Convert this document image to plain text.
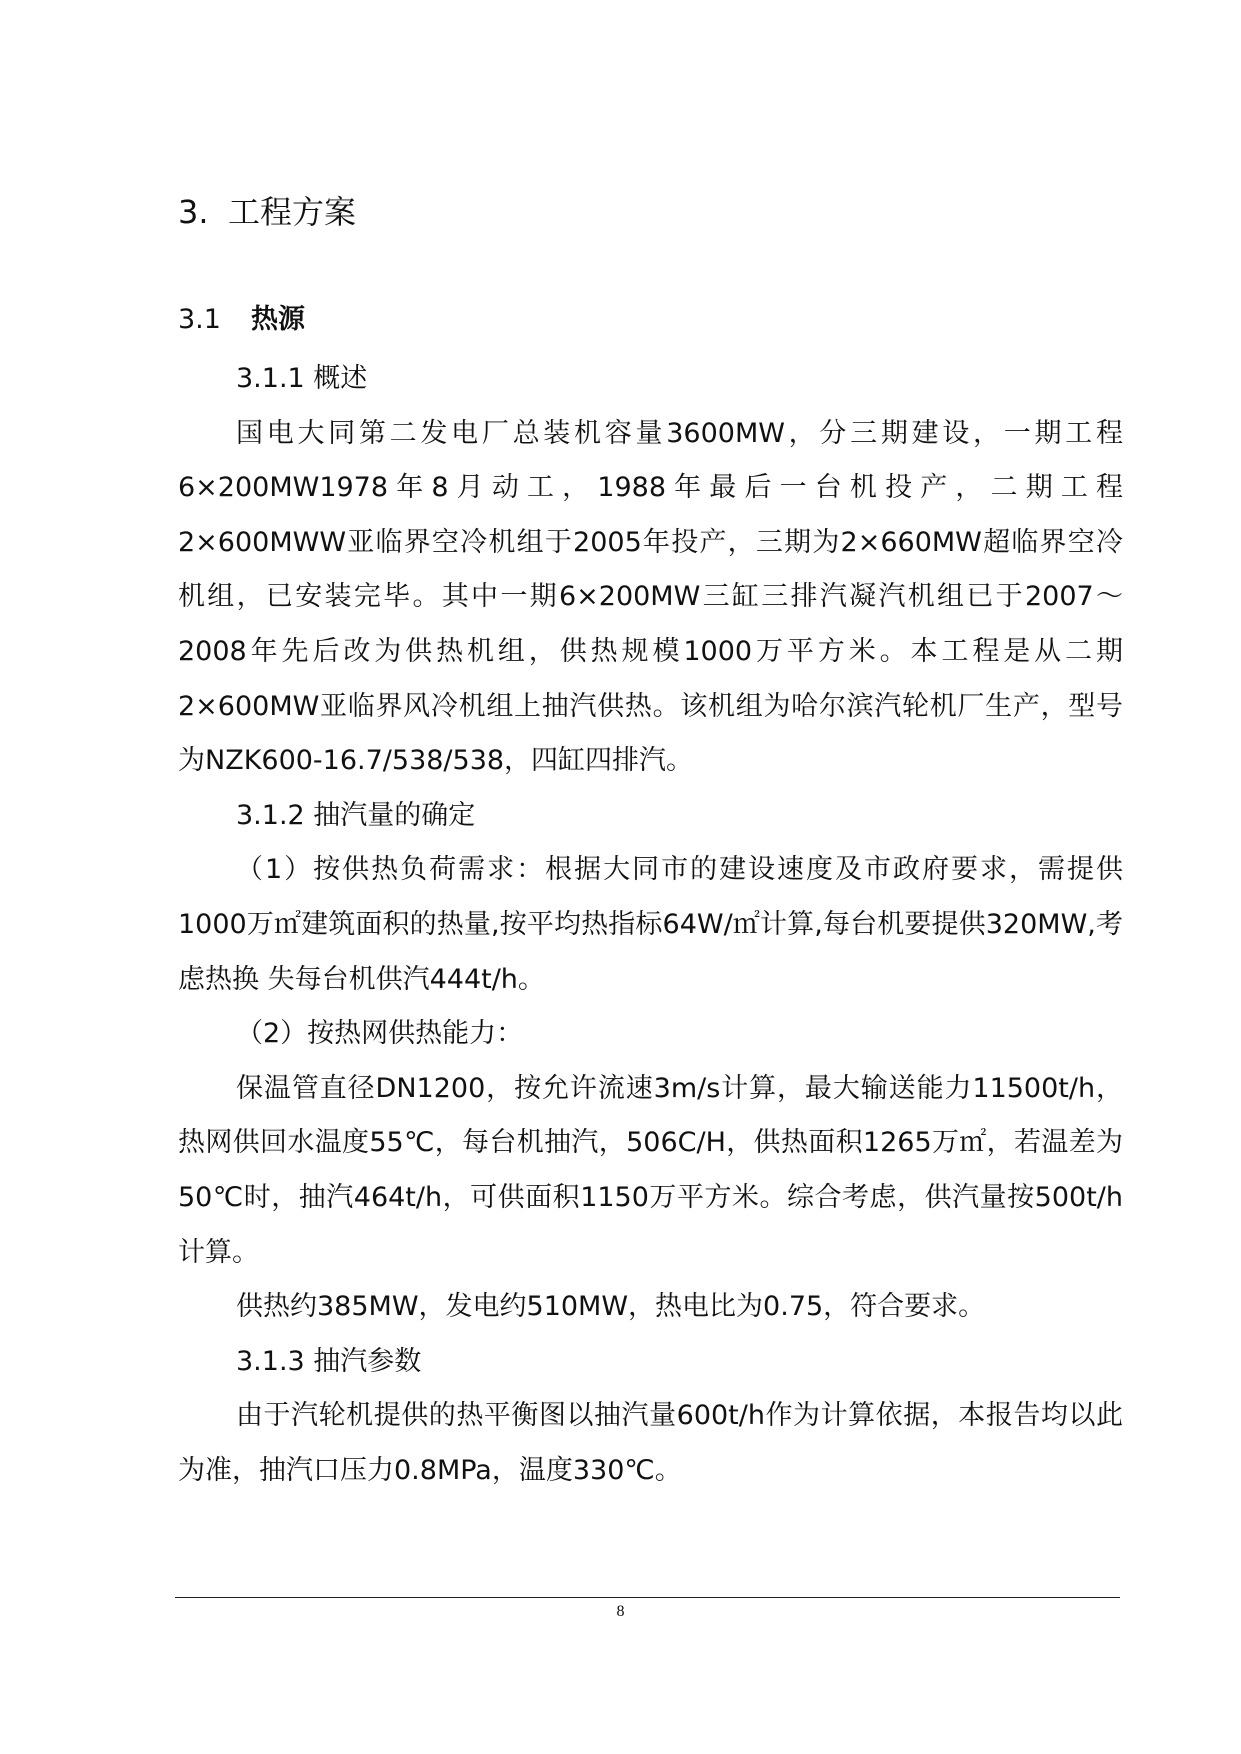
3. 工程方案
3.1 热源

3.1.1 概述

国电大同第二发电厂总装机容量3600MW，分三期建设，一期工程6×200MW1978年8月动工，1988年最后一台机投产，二期工程2×600MWW亚临界空冷机组于2005年投产，三期为2×660MW超临界空冷机组，已安装完毕。其中一期6×200MW三缸三排汽凝汽机组已于2007～2008年先后改为供热机组，供热规模1000万平方米。本工程是从二期2×600MW亚临界风冷机组上抽汽供热。该机组为哈尔滨汽轮机厂生产，型号为NZK600-16.7/538/538，四缸四排汽。

3.1.2 抽汽量的确定

（1）按供热负荷需求：根据大同市的建设速度及市政府要求，需提供1000万㎡建筑面积的热量,按平均热指标64W/㎡计算,每台机要提供320MW,考虑热换 失每台机供汽444t/h。

（2）按热网供热能力：

保温管直径DN1200，按允许流速3m/s计算，最大输送能力11500t/h，热网供回水温度55℃，每台机抽汽，506C/H，供热面积1265万㎡，若温差为50℃时，抽汽464t/h，可供面积1150万平方米。综合考虑，供汽量按500t/h计算。

供热约385MW，发电约510MW，热电比为0.75，符合要求。

3.1.3 抽汽参数

由于汽轮机提供的热平衡图以抽汽量600t/h作为计算依据，本报告均以此为准，抽汽口压力0.8MPa，温度330℃。

8
